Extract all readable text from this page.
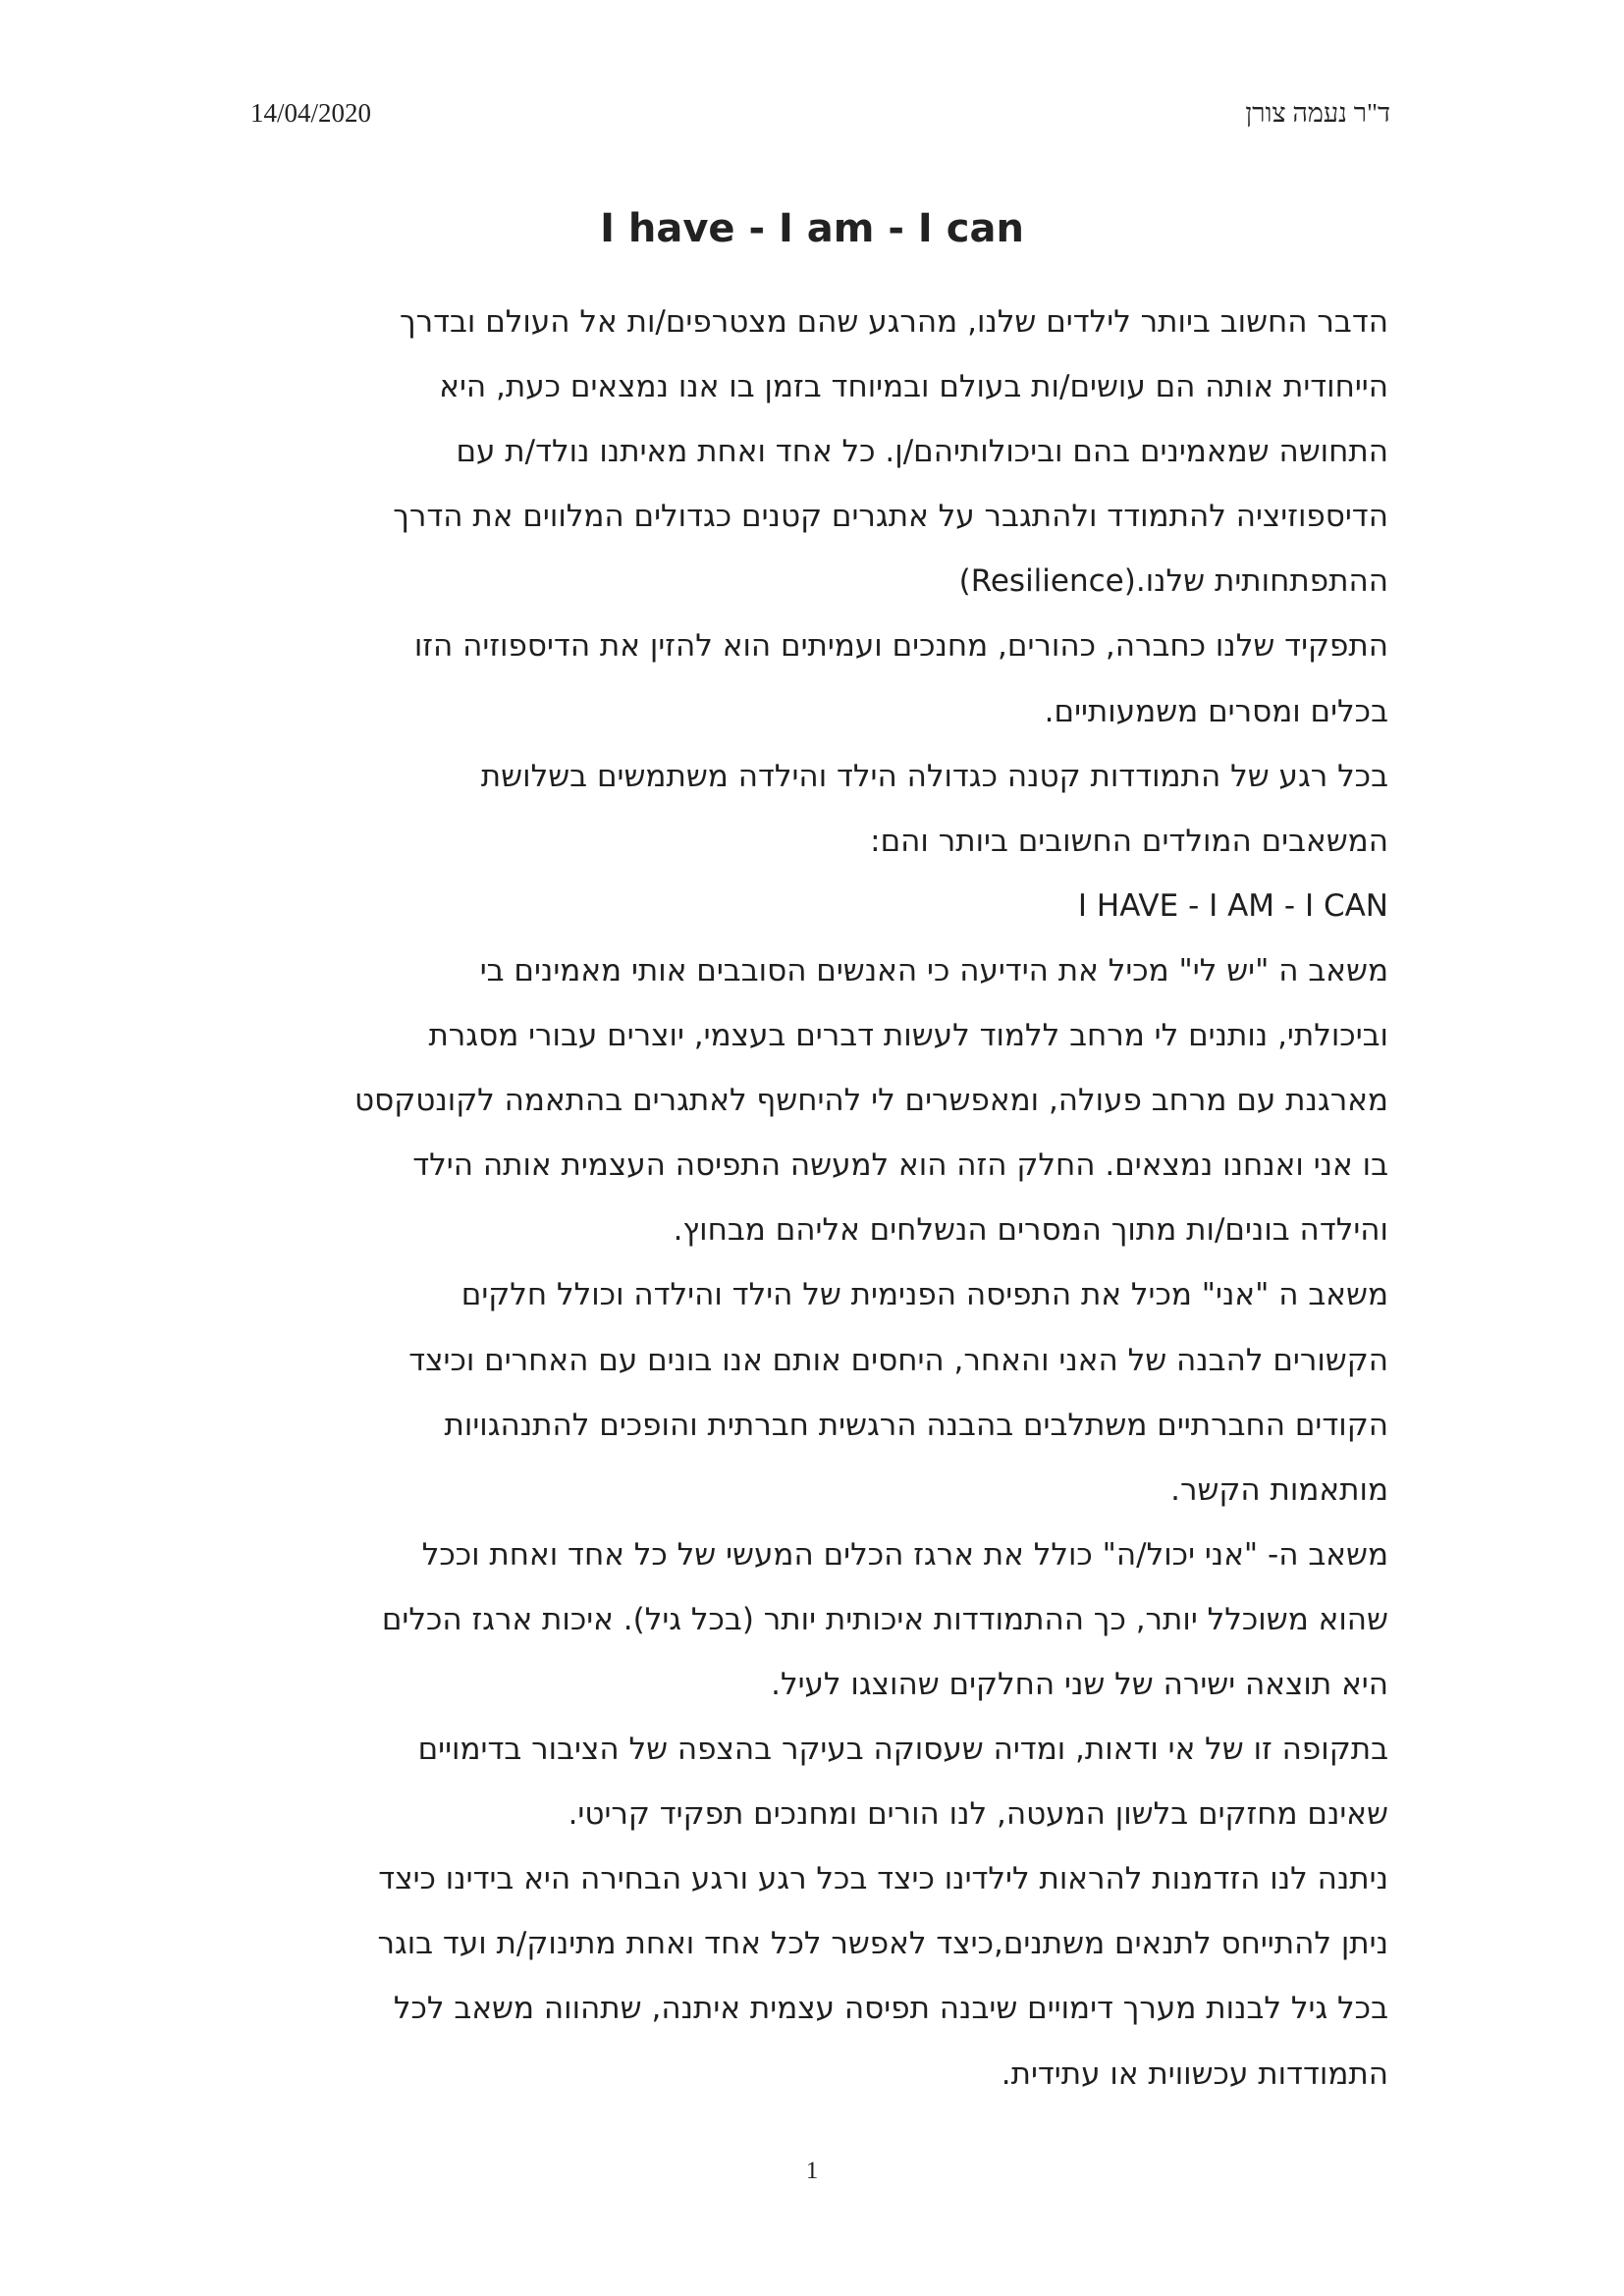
14/04/2020	ד"ר נעמה צורן
I have - I am - I can
הדבר החשוב ביותר לילדים שלנו, מהרגע שהם מצטרפים/ות אל העולם ובדרך
הייחודית אותה הם עושים/ות בעולם ובמיוחד בזמן בו אנו נמצאים כעת, היא
התחושה שמאמינים בהם וביכולותיהם/ן. כל אחד ואחת מאיתנו נולד/ת עם
הדיספוזיציה להתמודד ולהתגבר על אתגרים קטנים כגדולים המלווים את הדרך
ההתפתחותית שלנו.(Resilience)
התפקיד שלנו כחברה, כהורים, מחנכים ועמיתים הוא להזין את הדיספוזיה הזו
בכלים ומסרים משמעותיים.
בכל רגע של התמודדות קטנה כגדולה הילד והילדה משתמשים בשלושת
המשאבים המולדים החשובים ביותר והם:
I HAVE - I AM - I CAN
משאב ה "יש לי" מכיל את הידיעה כי האנשים הסובבים אותי מאמינים בי
וביכולתי, נותנים לי מרחב ללמוד לעשות דברים בעצמי, יוצרים עבורי מסגרת
מארגנת עם מרחב פעולה, ומאפשרים לי להיחשף לאתגרים בהתאמה לקונטקסט
בו אני ואנחנו נמצאים. החלק הזה הוא למעשה התפיסה העצמית אותה הילד
והילדה בונים/ות מתוך המסרים הנשלחים אליהם מבחוץ.
משאב ה "אני" מכיל את התפיסה הפנימית של הילד והילדה וכולל חלקים
הקשורים להבנה של האני והאחר, היחסים אותם אנו בונים עם האחרים וכיצד
הקודים החברתיים משתלבים בהבנה הרגשית חברתית והופכים להתנהגויות
מותאמות הקשר.
משאב ה- "אני יכול/ה" כולל את ארגז הכלים המעשי של כל אחד ואחת וככל
שהוא משוכלל יותר, כך ההתמודדות איכותית יותר (בכל גיל). איכות ארגז הכלים
היא תוצאה ישירה של שני החלקים שהוצגו לעיל.
בתקופה זו של אי ודאות, ומדיה שעסוקה בעיקר בהצפה של הציבור בדימויים
שאינם מחזקים בלשון המעטה, לנו הורים ומחנכים תפקיד קריטי.
ניתנה לנו הזדמנות להראות לילדינו כיצד בכל רגע ורגע הבחירה היא בידינו כיצד
ניתן להתייחס לתנאים משתנים,כיצד לאפשר לכל אחד ואחת מתינוק/ת ועד בוגר
בכל גיל לבנות מערך דימויים שיבנה תפיסה עצמית איתנה, שתהווה משאב לכל
התמודדות עכשווית או עתידית.
1
